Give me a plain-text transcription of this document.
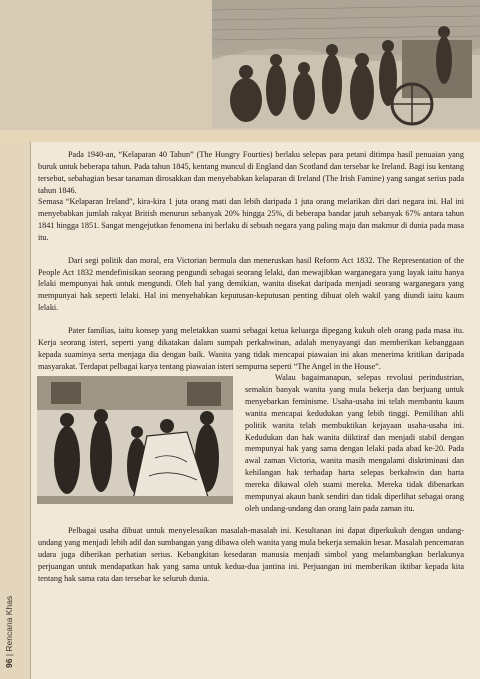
96 | Rencana Khas

Pada 1940-an, “Kelaparan 40 Tahun” (The Hungry Fourties) berlaku selepas para petani ditimpa hasil penuaian yang buruk untuk beberapa tahun. Pada tahun 1845, kentang muncul di England dan Scotland dan tersebar ke Ireland. Bagi isu kentang tersebut, sebahagian besar tanaman dirosakkan dan menyebabkan kelaparan di Ireland (The Irish Famine) yang sangat serius pada tahun 1846.

Semasa “Kelaparan Ireland”, kira-kira 1 juta orang mati dan lebih daripada 1 juta orang melarikan diri dari negara ini. Hal ini menyebabkan jumlah rakyat British menurun sebanyak 20% hingga 25%, di beberapa bandar jatuh sebanyak 67% antara tahun 1841 hingga 1851. Sangat mengejutkan fenomena ini berlaku di sebuah negara yang paling maju dan makmur di dunia pada masa itu.

Dari segi politik dan moral, era Victorian bermula dan meneruskan hasil Reform Act 1832. The Representation of the People Act 1832 mendefinisikan seorang pengundi sebagai seorang lelaki, dan mewajibkan warganegara yang layak iaitu hanya lelaki mempunyai hak untuk mengundi. Oleh hal yang demikian, wanita disekat daripada menjadi seorang warganegara yang mempunyai hak seperti lelaki. Hal ini menyebabkan keputusan-keputusan penting dibuat oleh wakil yang diundi iaitu kaum lelaki.

Pater familias, iaitu konsep yang meletakkan suami sebagai ketua keluarga dipegang kukuh oleh orang pada masa itu. Kerja seorang isteri, seperti yang dikatakan dalam sumpah perkahwinan, adalah menyayangi dan memberikan kebanggaan kepada suaminya serta menjaga dia dengan baik. Wanita yang tidak mencapai piawaian ini akan menerima kritikan daripada masyarakat. Terdapat pelbagai karya tentang piawaian isteri sempurna seperti “The Angel in the House”.

Walau bagaimanapun, selepas revolusi perindustrian, semakin banyak wanita yang mula bekerja dan berjuang untuk menyebarkan feminisme. Usaha-usaha ini telah membantu kaum wanita mencapai kedudukan yang lebih tinggi. Pemilihan ahli politik wanita telah membuktikan kejayaan usaha-usaha ini. Kedudukan dan hak wanita diiktiraf dan menjadi stabil dengan mempunyai hak yang sama dengan lelaki pada abad ke-20. Pada awal zaman Victoria, wanita masih mengalami diskriminasi dan kehilangan hak terhadap harta selepas berkahwin dan harta mereka dikawal oleh suami mereka. Mereka tidak dibenarkan mempunyai akaun bank sendiri dan tidak diperlihat sebagai orang oleh undang-undang dan orang lain pada zaman itu.

Pelbagai usaha dibuat untuk menyelesaikan masalah-masalah ini. Kesultanan ini dapat diperkukuh dengan undang-undang yang menjadi lebih adil dan sumbangan yang dibawa oleh wanita yang mula bekerja semakin besar. Masalah pencemaran udara juga diberikan perhatian serius. Kebangkitan kesedaran manusia menjadi simbol yang melambangkan berlakunya perjuangan untuk mendapatkan hak yang sama untuk kedua-dua jantina ini. Perjuangan ini memberikan iktibar kepada kita tentang hak sama rata dan tersebar ke seluruh dunia.
